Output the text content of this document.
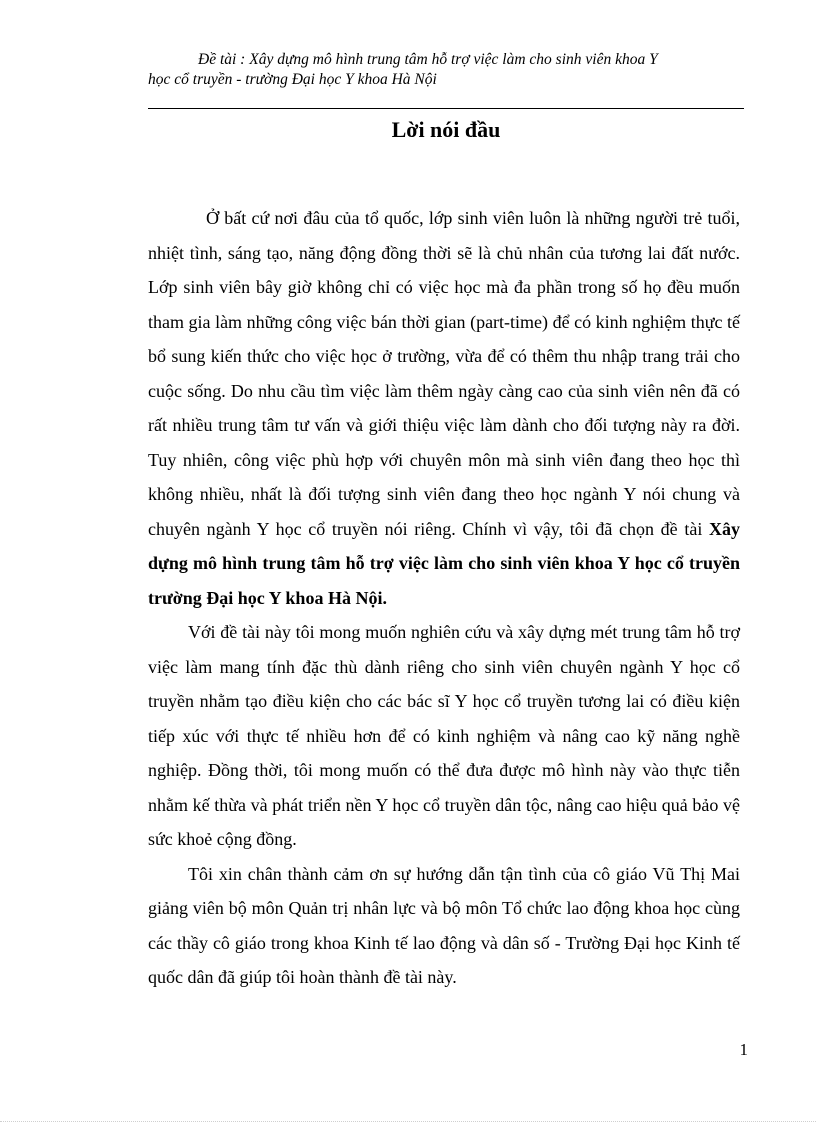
Đề tài : Xây dựng mô hình trung tâm hỗ trợ việc làm cho sinh viên khoa Y
học cổ truyền - trường Đại học Y khoa Hà Nội
Lời nói đầu

Ở bất cứ nơi đâu của tổ quốc, lớp sinh viên luôn là những người trẻ tuổi, nhiệt tình, sáng tạo, năng động đồng thời sẽ là chủ nhân của tương lai đất nước. Lớp sinh viên bây giờ không chỉ có việc học mà đa phần trong số họ đều muốn tham gia làm những công việc bán thời gian (part-time) để có kinh nghiệm thực tế bổ sung kiến thức cho việc học ở trường, vừa để có thêm thu nhập trang trải cho cuộc sống. Do nhu cầu tìm việc làm thêm ngày càng cao của sinh viên nên đã có rất nhiều trung tâm tư vấn và giới thiệu việc làm dành cho đối tượng này ra đời. Tuy nhiên, công việc phù hợp với chuyên môn mà sinh viên đang theo học thì không nhiều, nhất là đối tượng sinh viên đang theo học ngành Y nói chung và chuyên ngành Y học cổ truyền nói riêng. Chính vì vậy, tôi đã chọn đề tài Xây dựng mô hình trung tâm hỗ trợ việc làm cho sinh viên khoa Y học cổ truyền trường Đại học Y khoa Hà Nội.

Với đề tài này tôi mong muốn nghiên cứu và xây dựng mét trung tâm hỗ trợ việc làm mang tính đặc thù dành riêng cho sinh viên chuyên ngành Y học cổ truyền nhằm tạo điều kiện cho các bác sĩ Y học cổ truyền tương lai có điều kiện tiếp xúc với thực tế nhiều hơn để có kinh nghiệm và nâng cao kỹ năng nghề nghiệp. Đồng thời, tôi mong muốn có thể đưa được mô hình này vào thực tiễn nhằm kế thừa và phát triển nền Y học cổ truyền dân tộc, nâng cao hiệu quả bảo vệ sức khoẻ cộng đồng.

Tôi xin chân thành cảm ơn sự hướng dẫn tận tình của cô giáo Vũ Thị Mai giảng viên bộ môn Quản trị nhân lực và bộ môn Tổ chức lao động khoa học cùng các thầy cô giáo trong khoa Kinh tế lao động và dân số - Trường Đại học Kinh tế quốc dân đã giúp tôi hoàn thành đề tài này.

1
